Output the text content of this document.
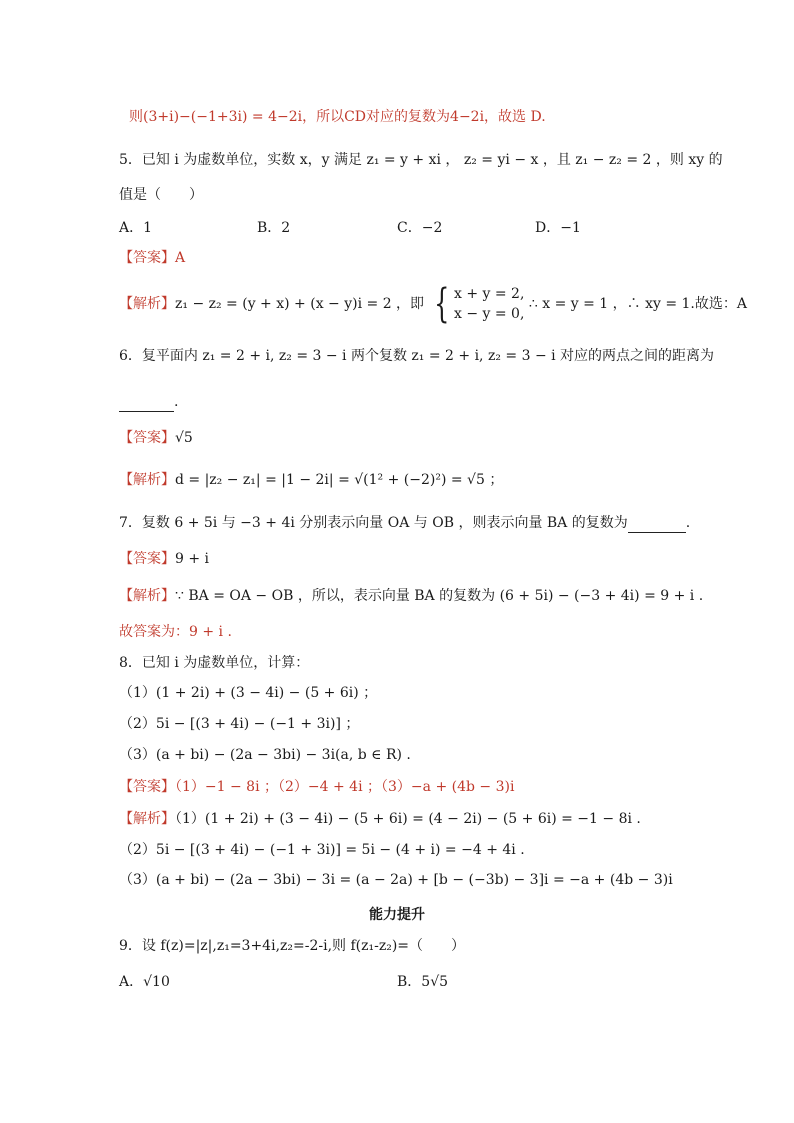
则(3+i)−(−1+3i) = 4−2i，所以CD对应的复数为4−2i，故选 D.
5．已知 i 为虚数单位，实数 x，y 满足 z₁ = y + xi ， z₂ = yi − x ，且 z₁ − z₂ = 2 ，则 xy 的
值是（　　）
A．1	B．2	C．−2	D．−1
【答案】A
【解析】z₁ − z₂ = (y + x) + (x − y)i = 2 ，即 { x + y = 2,
x − y = 0,
∴ x = y = 1 ，∴ xy = 1.故选：A
6．复平面内 z₁ = 2 + i, z₂ = 3 − i 两个复数 z₁ = 2 + i, z₂ = 3 − i 对应的两点之间的距离为
.
【答案】√5
【解析】d = |z₂ − z₁| = |1 − 2i| = √(1² + (−2)²) = √5 ；
7．复数 6 + 5i 与 −3 + 4i 分别表示向量 OA 与 OB ，则表示向量 BA 的复数为	.
【答案】9 + i
【解析】∵ BA = OA − OB ，所以，表示向量 BA 的复数为 (6 + 5i) − (−3 + 4i) = 9 + i .
故答案为：9 + i .
8．已知 i 为虚数单位，计算：
（1）(1 + 2i) + (3 − 4i) − (5 + 6i) ；
（2）5i − [(3 + 4i) − (−1 + 3i)] ；
（3）(a + bi) − (2a − 3bi) − 3i(a, b ∈ R) .
【答案】（1）−1 − 8i ；（2）−4 + 4i ；（3）−a + (4b − 3)i
【解析】（1）(1 + 2i) + (3 − 4i) − (5 + 6i) = (4 − 2i) − (5 + 6i) = −1 − 8i .
（2）5i − [(3 + 4i) − (−1 + 3i)] = 5i − (4 + i) = −4 + 4i .
（3）(a + bi) − (2a − 3bi) − 3i = (a − 2a) + [b − (−3b) − 3]i = −a + (4b − 3)i
能力提升
9．设 f(z)=|z|,z₁=3+4i,z₂=-2-i,则 f(z₁-z₂)=（　　）
A．√10	B．5√5
